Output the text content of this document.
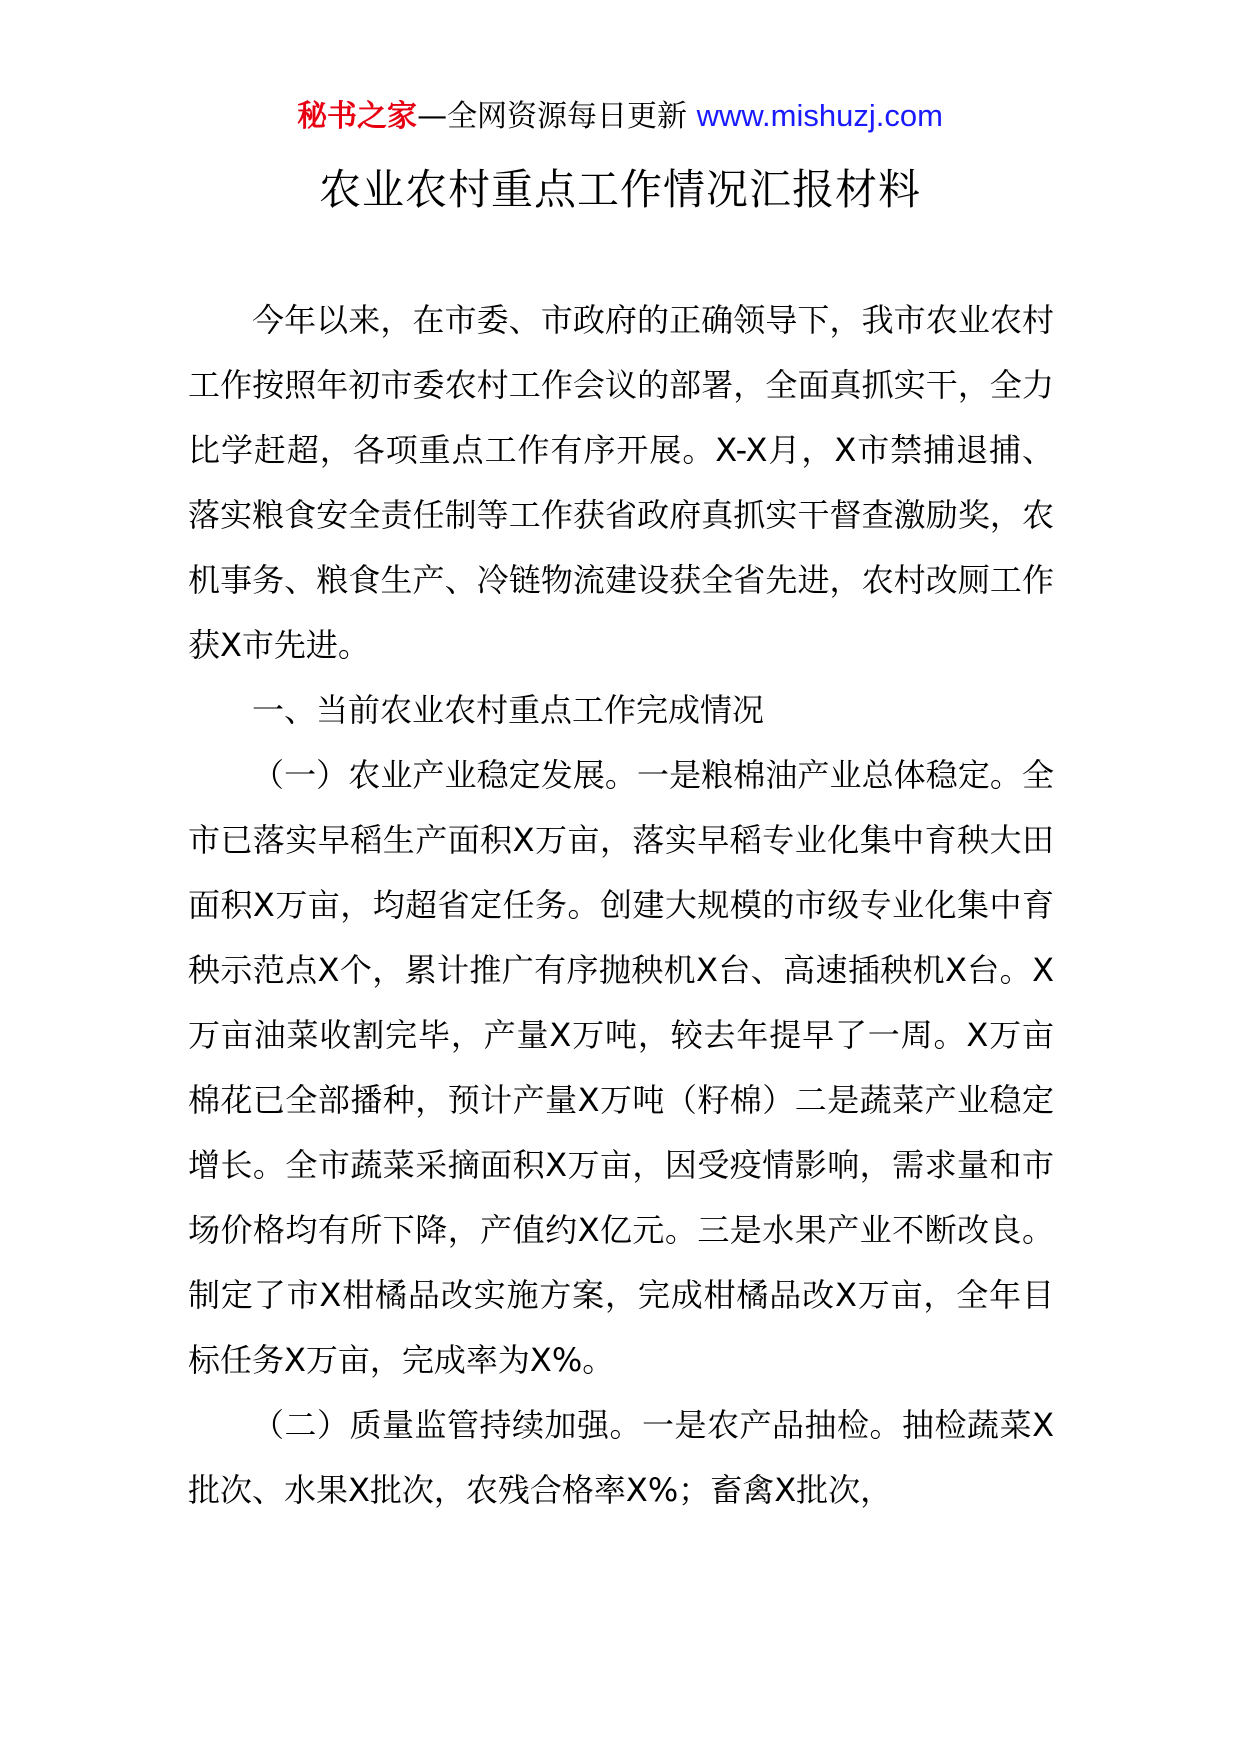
秘书之家—全网资源每日更新 www.mishuzj.com
农业农村重点工作情况汇报材料

今年以来，在市委、市政府的正确领导下，我市农业农村工作按照年初市委农村工作会议的部署，全面真抓实干，全力比学赶超，各项重点工作有序开展。X-X月，X市禁捕退捕、落实粮食安全责任制等工作获省政府真抓实干督查激励奖，农机事务、粮食生产、冷链物流建设获全省先进，农村改厕工作获X市先进。

一、当前农业农村重点工作完成情况

（一）农业产业稳定发展。一是粮棉油产业总体稳定。全市已落实早稻生产面积X万亩，落实早稻专业化集中育秧大田面积X万亩，均超省定任务。创建大规模的市级专业化集中育秧示范点X个，累计推广有序抛秧机X台、高速插秧机X台。X万亩油菜收割完毕，产量X万吨，较去年提早了一周。X万亩棉花已全部播种，预计产量X万吨（籽棉）二是蔬菜产业稳定增长。全市蔬菜采摘面积X万亩，因受疫情影响，需求量和市场价格均有所下降，产值约X亿元。三是水果产业不断改良。制定了市X柑橘品改实施方案，完成柑橘品改X万亩，全年目标任务X万亩，完成率为X%。

（二）质量监管持续加强。一是农产品抽检。抽检蔬菜X批次、水果X批次，农残合格率X%；畜禽X批次，
